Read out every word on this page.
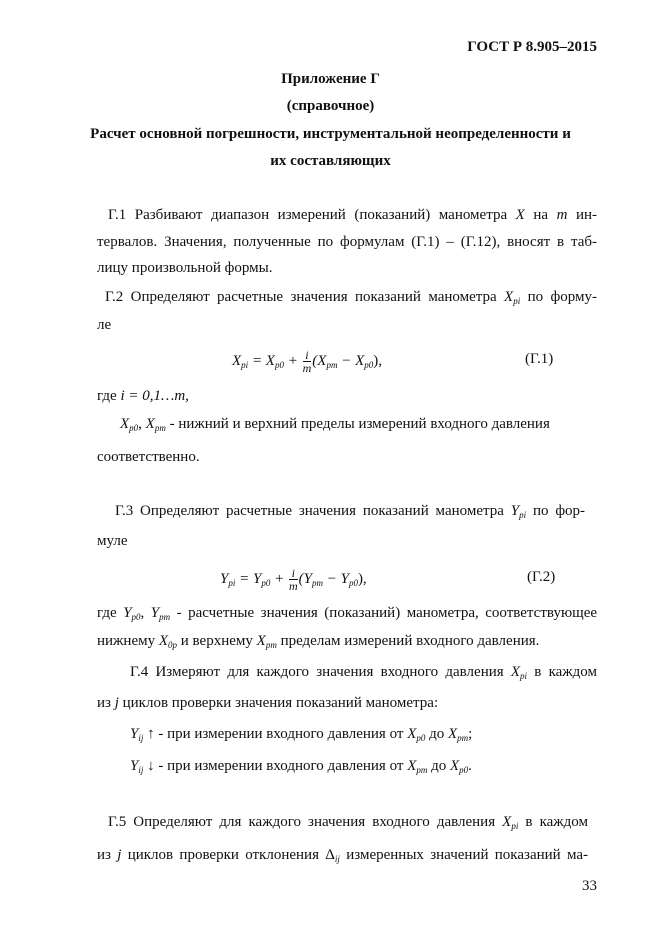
ГОСТ Р 8.905–2015
Приложение Г
(справочное)
Расчет основной погрешности, инструментальной неопределенности и
их составляющих
Г.1 Разбивают диапазон измерений (показаний) манометра X на m ин-
тервалов. Значения, полученные по формулам (Г.1) – (Г.12), вносят в таб-
лицу произвольной формы.
Г.2 Определяют расчетные значения показаний манометра $X_{pi}$ по форму-
ле
$X_{pi} = X_{p0} + \frac{i}{m} (X_{pm} - X_{p0})$,	(Г.1)
где i = 0,1…m,
$X_{p0}$, $X_{pm}$ - нижний и верхний пределы измерений входного давления
соответственно.
Г.3 Определяют расчетные значения показаний манометра $Y_{pi}$ по фор-
муле
$Y_{pi} = Y_{p0} + \frac{i}{m} (Y_{pm} - Y_{p0})$,	(Г.2)
где $Y_{p0}$, $Y_{pm}$ - расчетные значения (показаний) манометра, соответствующее
нижнему $X_{0p}$ и верхнему $X_{pm}$ пределам измерений входного давления.
Г.4 Измеряют для каждого значения входного давления $X_{pi}$ в каждом
из j циклов проверки значения показаний манометра:
$Y_{ij}$ ↑ - при измерении входного давления от $X_{p0}$ до $X_{pm}$;
$Y_{ij}$ ↓ - при измерении входного давления от $X_{pm}$ до $X_{p0}$.
Г.5 Определяют для каждого значения входного давления $X_{pi}$ в каждом
из j циклов проверки отклонения $\Delta_{ij}$ измеренных значений показаний ма-
33
